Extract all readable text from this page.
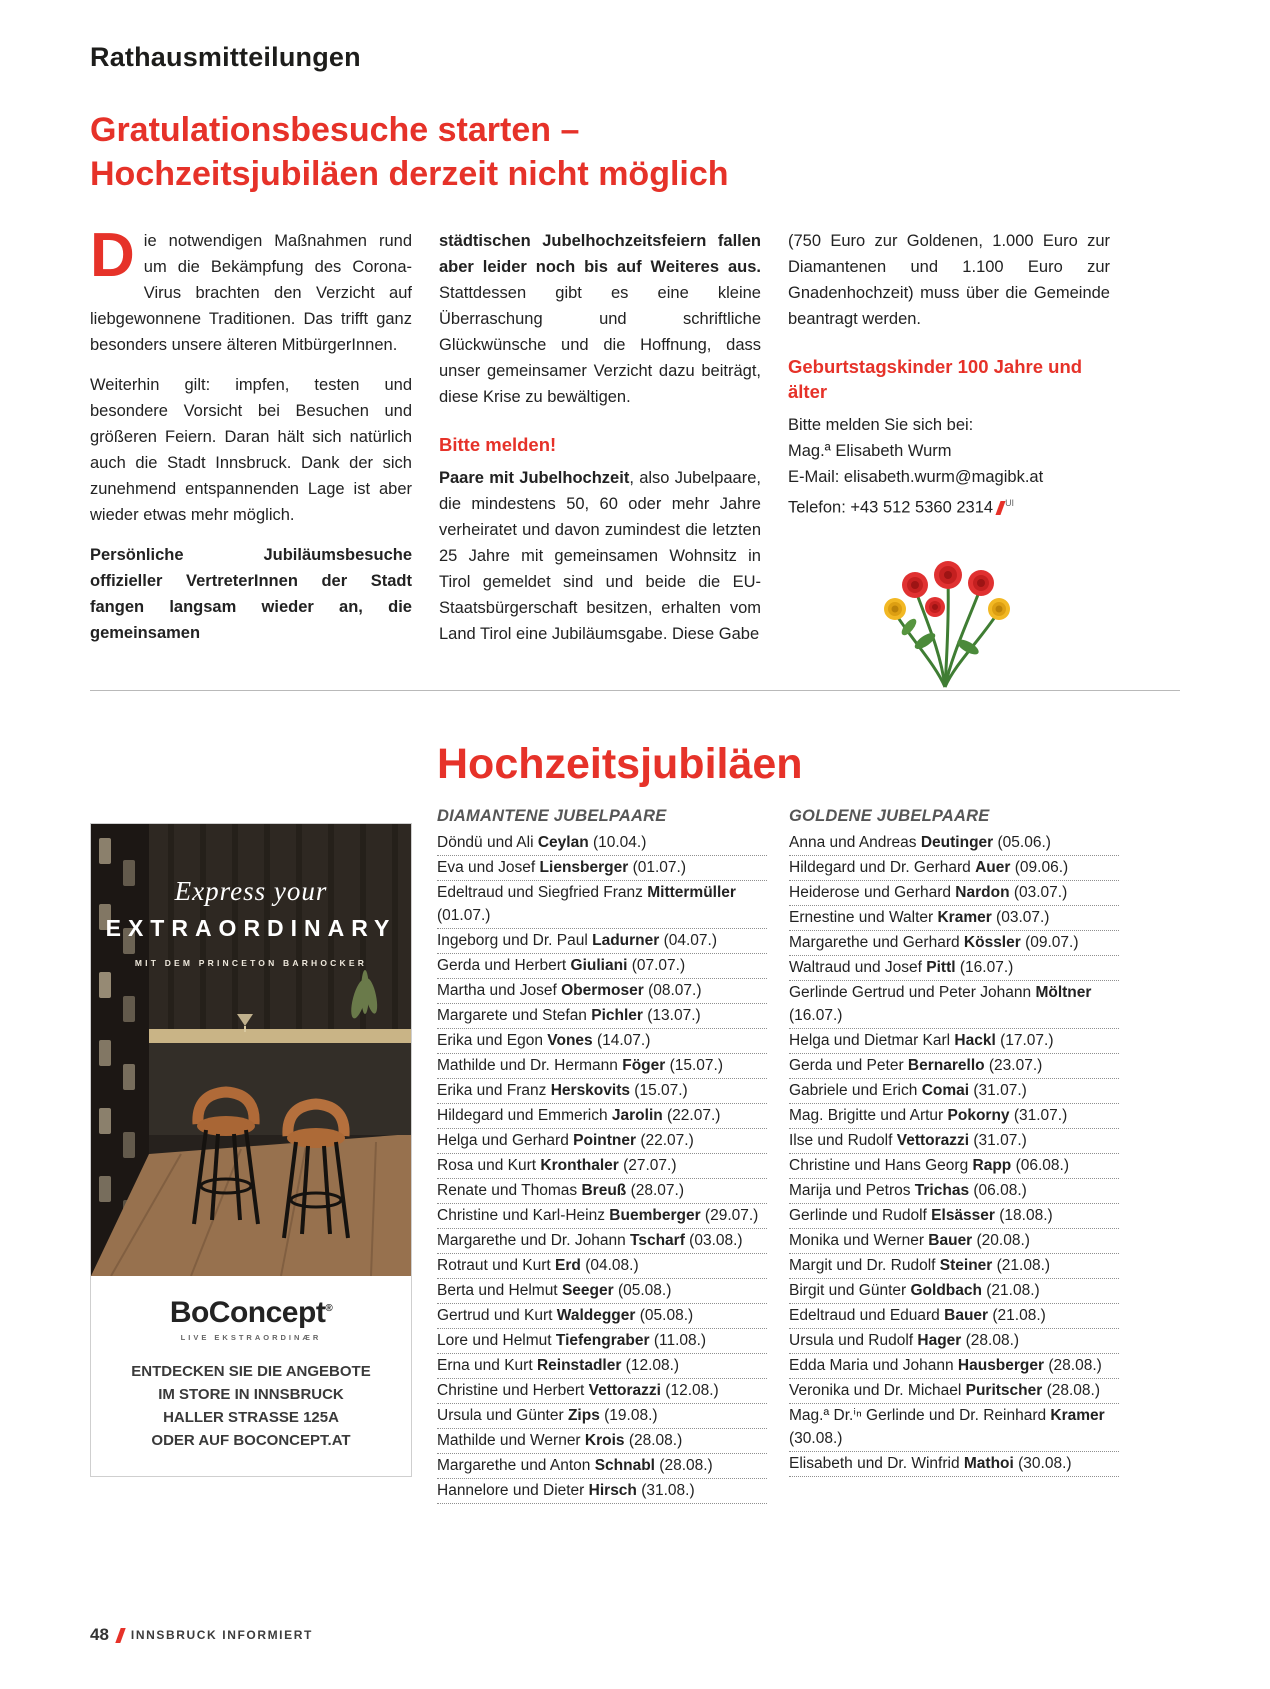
Rathausmitteilungen
Gratulationsbesuche starten –
Hochzeitsjubiläen derzeit nicht möglich

Die notwendigen Maßnahmen rund um die Bekämpfung des Corona-Virus brachten den Verzicht auf liebgewonnene Traditionen. Das trifft ganz besonders unsere älteren MitbürgerInnen.

Weiterhin gilt: impfen, testen und besondere Vorsicht bei Besuchen und größeren Feiern. Daran hält sich natürlich auch die Stadt Innsbruck. Dank der sich zunehmend entspannenden Lage ist aber wieder etwas mehr möglich.

Persönliche Jubiläumsbesuche offizieller VertreterInnen der Stadt fangen langsam wieder an, die gemeinsamen

städtischen Jubelhochzeitsfeiern fallen aber leider noch bis auf Weiteres aus. Stattdessen gibt es eine kleine Überraschung und schriftliche Glückwünsche und die Hoffnung, dass unser gemeinsamer Verzicht dazu beiträgt, diese Krise zu bewältigen.

Bitte melden!

Paare mit Jubelhochzeit, also Jubelpaare, die mindestens 50, 60 oder mehr Jahre verheiratet und davon zumindest die letzten 25 Jahre mit gemeinsamen Wohnsitz in Tirol gemeldet sind und beide die EU-Staatsbürgerschaft besitzen, erhalten vom Land Tirol eine Jubiläumsgabe. Diese Gabe

(750 Euro zur Goldenen, 1.000 Euro zur Diamantenen und 1.100 Euro zur Gnadenhochzeit) muss über die Gemeinde beantragt werden.

Geburtstagskinder 100 Jahre und älter

Bitte melden Sie sich bei:
Mag.ª Elisabeth Wurm
E-Mail: elisabeth.wurm@magibk.at
Telefon: +43 512 5360 2314 $^{UI}$

Express your
EXTRAORDINARY
MIT DEM PRINCETON BARHOCKER
BoConcept®
LIVE EKSTRAORDINÆR
ENTDECKEN SIE DIE ANGEBOTE
IM STORE IN INNSBRUCK
HALLER STRASSE 125A
ODER AUF BOCONCEPT.AT
Hochzeitsjubiläen
DIAMANTENE JUBELPAARE
Döndü und Ali Ceylan (10.04.)
Eva und Josef Liensberger (01.07.)
Edeltraud und Siegfried Franz Mittermüller (01.07.)
Ingeborg und Dr. Paul Ladurner (04.07.)
Gerda und Herbert Giuliani (07.07.)
Martha und Josef Obermoser (08.07.)
Margarete und Stefan Pichler (13.07.)
Erika und Egon Vones (14.07.)
Mathilde und Dr. Hermann Föger (15.07.)
Erika und Franz Herskovits (15.07.)
Hildegard und Emmerich Jarolin (22.07.)
Helga und Gerhard Pointner (22.07.)
Rosa und Kurt Kronthaler (27.07.)
Renate und Thomas Breuß (28.07.)
Christine und Karl-Heinz Buemberger (29.07.)
Margarethe und Dr. Johann Tscharf (03.08.)
Rotraut und Kurt Erd (04.08.)
Berta und Helmut Seeger (05.08.)
Gertrud und Kurt Waldegger (05.08.)
Lore und Helmut Tiefengraber (11.08.)
Erna und Kurt Reinstadler (12.08.)
Christine und Herbert Vettorazzi (12.08.)
Ursula und Günter Zips (19.08.)
Mathilde und Werner Krois (28.08.)
Margarethe und Anton Schnabl (28.08.)
Hannelore und Dieter Hirsch (31.08.)
GOLDENE JUBELPAARE
Anna und Andreas Deutinger (05.06.)
Hildegard und Dr. Gerhard Auer (09.06.)
Heiderose und Gerhard Nardon (03.07.)
Ernestine und Walter Kramer (03.07.)
Margarethe und Gerhard Kössler (09.07.)
Waltraud und Josef Pittl (16.07.)
Gerlinde Gertrud und Peter Johann Möltner (16.07.)
Helga und Dietmar Karl Hackl (17.07.)
Gerda und Peter Bernarello (23.07.)
Gabriele und Erich Comai (31.07.)
Mag. Brigitte und Artur Pokorny (31.07.)
Ilse und Rudolf Vettorazzi (31.07.)
Christine und Hans Georg Rapp (06.08.)
Marija und Petros Trichas (06.08.)
Gerlinde und Rudolf Elsässer (18.08.)
Monika und Werner Bauer (20.08.)
Margit und Dr. Rudolf Steiner (21.08.)
Birgit und Günter Goldbach (21.08.)
Edeltraud und Eduard Bauer (21.08.)
Ursula und Rudolf Hager (28.08.)
Edda Maria und Johann Hausberger (28.08.)
Veronika und Dr. Michael Puritscher (28.08.)
Mag.ª Dr.ⁱⁿ Gerlinde und Dr. Reinhard Kramer (30.08.)
Elisabeth und Dr. Winfrid Mathoi (30.08.)
48 INNSBRUCK INFORMIERT
